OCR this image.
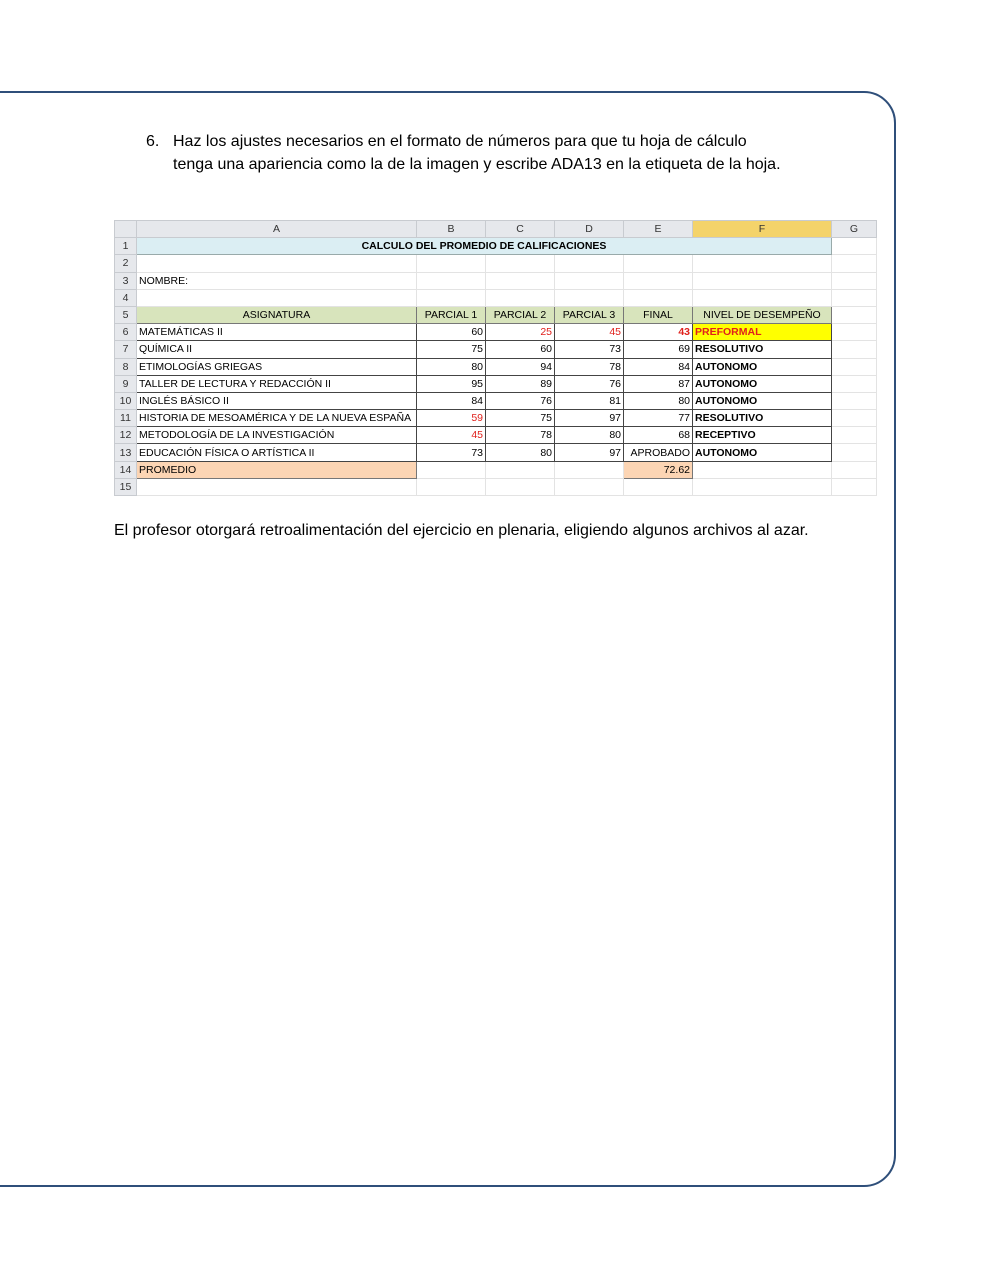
6. Haz los ajustes necesarios en el formato de números para que tu hoja de cálculo tenga una apariencia como la de la imagen y escribe ADA13 en la etiqueta de la hoja.
	A	B	C	D	E	F	G
1	CALCULO DEL PROMEDIO DE CALIFICACIONES						
2							
3	NOMBRE:						
4							
5	ASIGNATURA	PARCIAL 1	PARCIAL 2	PARCIAL 3	FINAL	NIVEL DE DESEMPEÑO	
6	MATEMÁTICAS II	60	25	45	43	PREFORMAL	
7	QUÍMICA II	75	60	73	69	RESOLUTIVO	
8	ETIMOLOGÍAS GRIEGAS	80	94	78	84	AUTONOMO	
9	TALLER DE LECTURA Y REDACCIÓN II	95	89	76	87	AUTONOMO	
10	INGLÉS BÁSICO II	84	76	81	80	AUTONOMO	
11	HISTORIA DE MESOAMÉRICA Y DE LA NUEVA ESPAÑA	59	75	97	77	RESOLUTIVO	
12	METODOLOGÍA DE LA INVESTIGACIÓN	45	78	80	68	RECEPTIVO	
13	EDUCACIÓN FÍSICA O ARTÍSTICA II	73	80	97	APROBADO	AUTONOMO	
14	PROMEDIO				72.62		
15							
El profesor otorgará retroalimentación del ejercicio en plenaria, eligiendo algunos archivos al azar.
